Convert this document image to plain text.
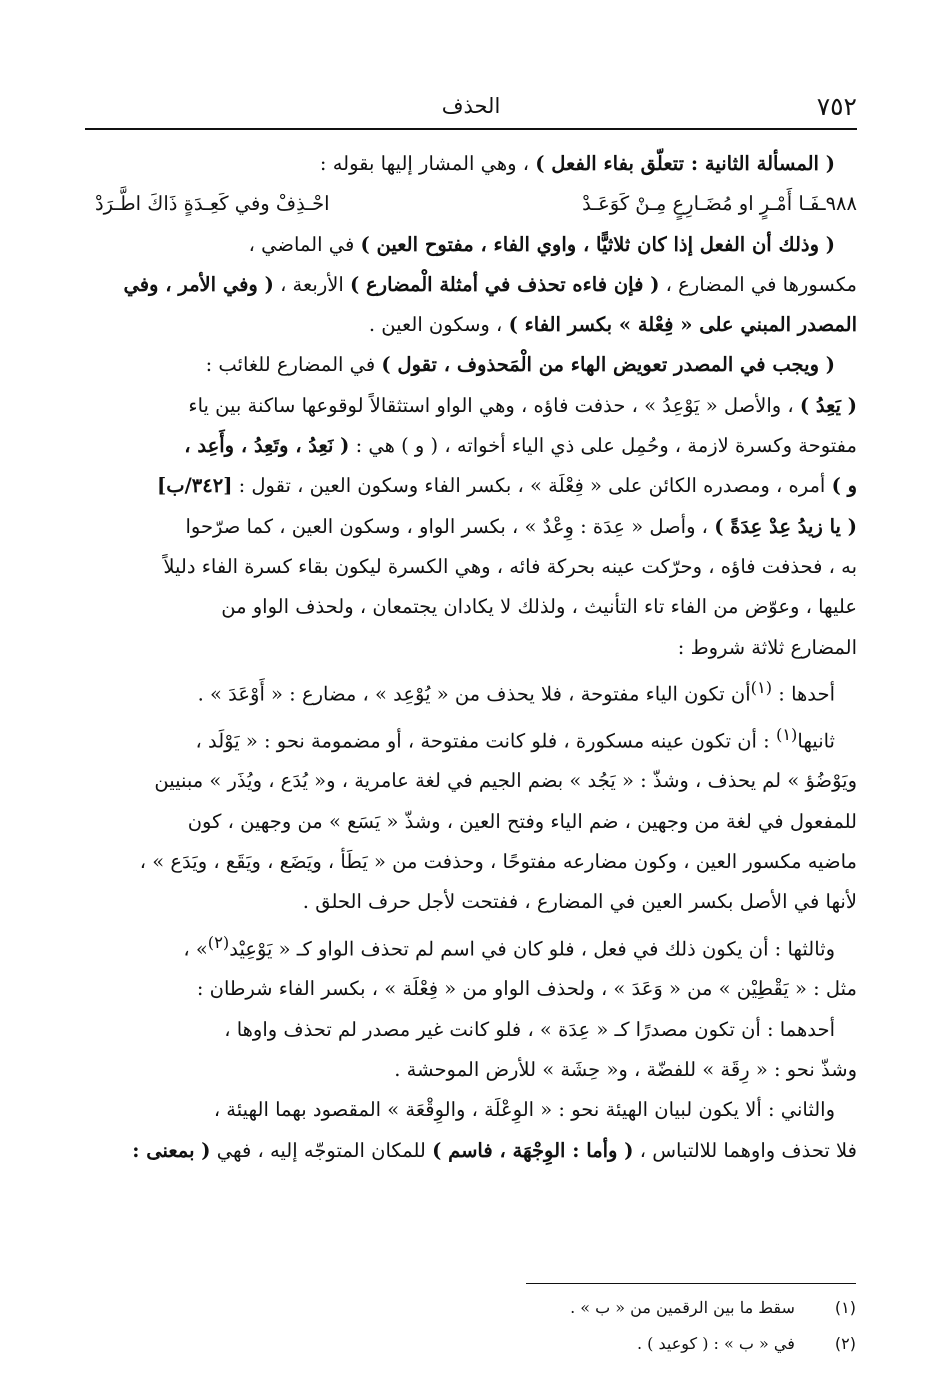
٧٥٢
الحذف

( المسألة الثانية : تتعلّق بفاء الفعل ) ، وهي المشار إليها بقوله :

٩٨٨ـفَـا أَمْـرٍ او مُضَـارِعٍ مِـنْ كَوَعَـدْ
احْـذِفْ وفي كَعِـدَةٍ ذَاكَ اطَّـرَدْ

( وذلك أن الفعل إذا كان ثلاثيًّا ، واوي الفاء ، مفتوح العين ) في الماضي ،

مكسورها في المضارع ، ( فإن فاءه تحذف في أمثلة الْمضارع ) الأربعة ، ( وفي الأمر ، وفي

المصدر المبني على « فِعْلة » بكسر الفاء ) ، وسكون العين .

( ويجب في المصدر تعويض الهاء من الْمَحذوف ، تقول ) في المضارع للغائب :

( يَعِدُ ) ، والأصل « يَوْعِدُ » ، حذفت فاؤه ، وهي الواو استثقالاً لوقوعها ساكنة بين ياء

مفتوحة وكسرة لازمة ، وحُمِل على ذي الياء أخواته ، ( و ) هي : ( نَعِدُ ، وتَعِدُ ، وأَعِد ،

و ) أمره ، ومصدره الكائن على « فِعْلَة » ، بكسر الفاء وسكون العين ، تقول : [٣٤٢/ب]

( يا زيدُ عِدْ عِدَةً ) ، وأصل « عِدَة : وِعْدٌ » ، بكسر الواو ، وسكون العين ، كما صرّحوا

به ، فحذفت فاؤه ، وحرّكت عينه بحركة فائه ، وهي الكسرة ليكون بقاء كسرة الفاء دليلاً

عليها ، وعوّض من الفاء تاء التأنيث ، ولذلك لا يكادان يجتمعان ، ولحذف الواو من

المضارع ثلاثة شروط :

أحدها : $^{(١)}$أن تكون الياء مفتوحة ، فلا يحذف من « يُوْعِد » ، مضارع : « أَوْعَدَ » .

ثانيها$^{(١)}$ : أن تكون عينه مسكورة ، فلو كانت مفتوحة ، أو مضمومة نحو : « يَوْلَد ،

ويَوْضُؤ » لم يحذف ، وشذّ : « يَجُد » بضم الجيم في لغة عامرية ، و« يُدَع ، ويُذَر » مبنيين

للمفعول في لغة من وجهين ، ضم الياء وفتح العين ، وشذّ « يَسَع » من وجهين ، كون

ماضيه مكسور العين ، وكون مضارعه مفتوحًا ، وحذفت من « يَطَأ ، ويَضَع ، ويَقَع ، ويَدَع » ،

لأنها في الأصل بكسر العين في المضارع ، ففتحت لأجل حرف الحلق .

وثالثها : أن يكون ذلك في فعل ، فلو كان في اسم لم تحذف الواو كـ « يَوْعِيْد$^{(٢)}$» ،

مثل : « يَقْطِيْن » من « وَعَدَ » ، ولحذف الواو من « فِعْلَة » ، بكسر الفاء شرطان :

أحدهما : أن تكون مصدرًا كـ « عِدَة » ، فلو كانت غير مصدر لم تحذف واوها ،

وشذّ نحو : « رِقَة » للفضّة ، و« حِشَة » للأرض الموحشة .

والثاني : ألا يكون لبيان الهيئة نحو : « الوِعْلَة ، والوِقْعَة » المقصود بهما الهيئة ،

فلا تحذف واوهما للالتباس ، ( وأما : الوِجْهَة ، فاسم ) للمكان المتوجّه إليه ، فهي ( بمعنى :

(١)
سقط ما بين الرقمين من « ب » .
(٢)
في « ب » : ( كوعيد ) .
